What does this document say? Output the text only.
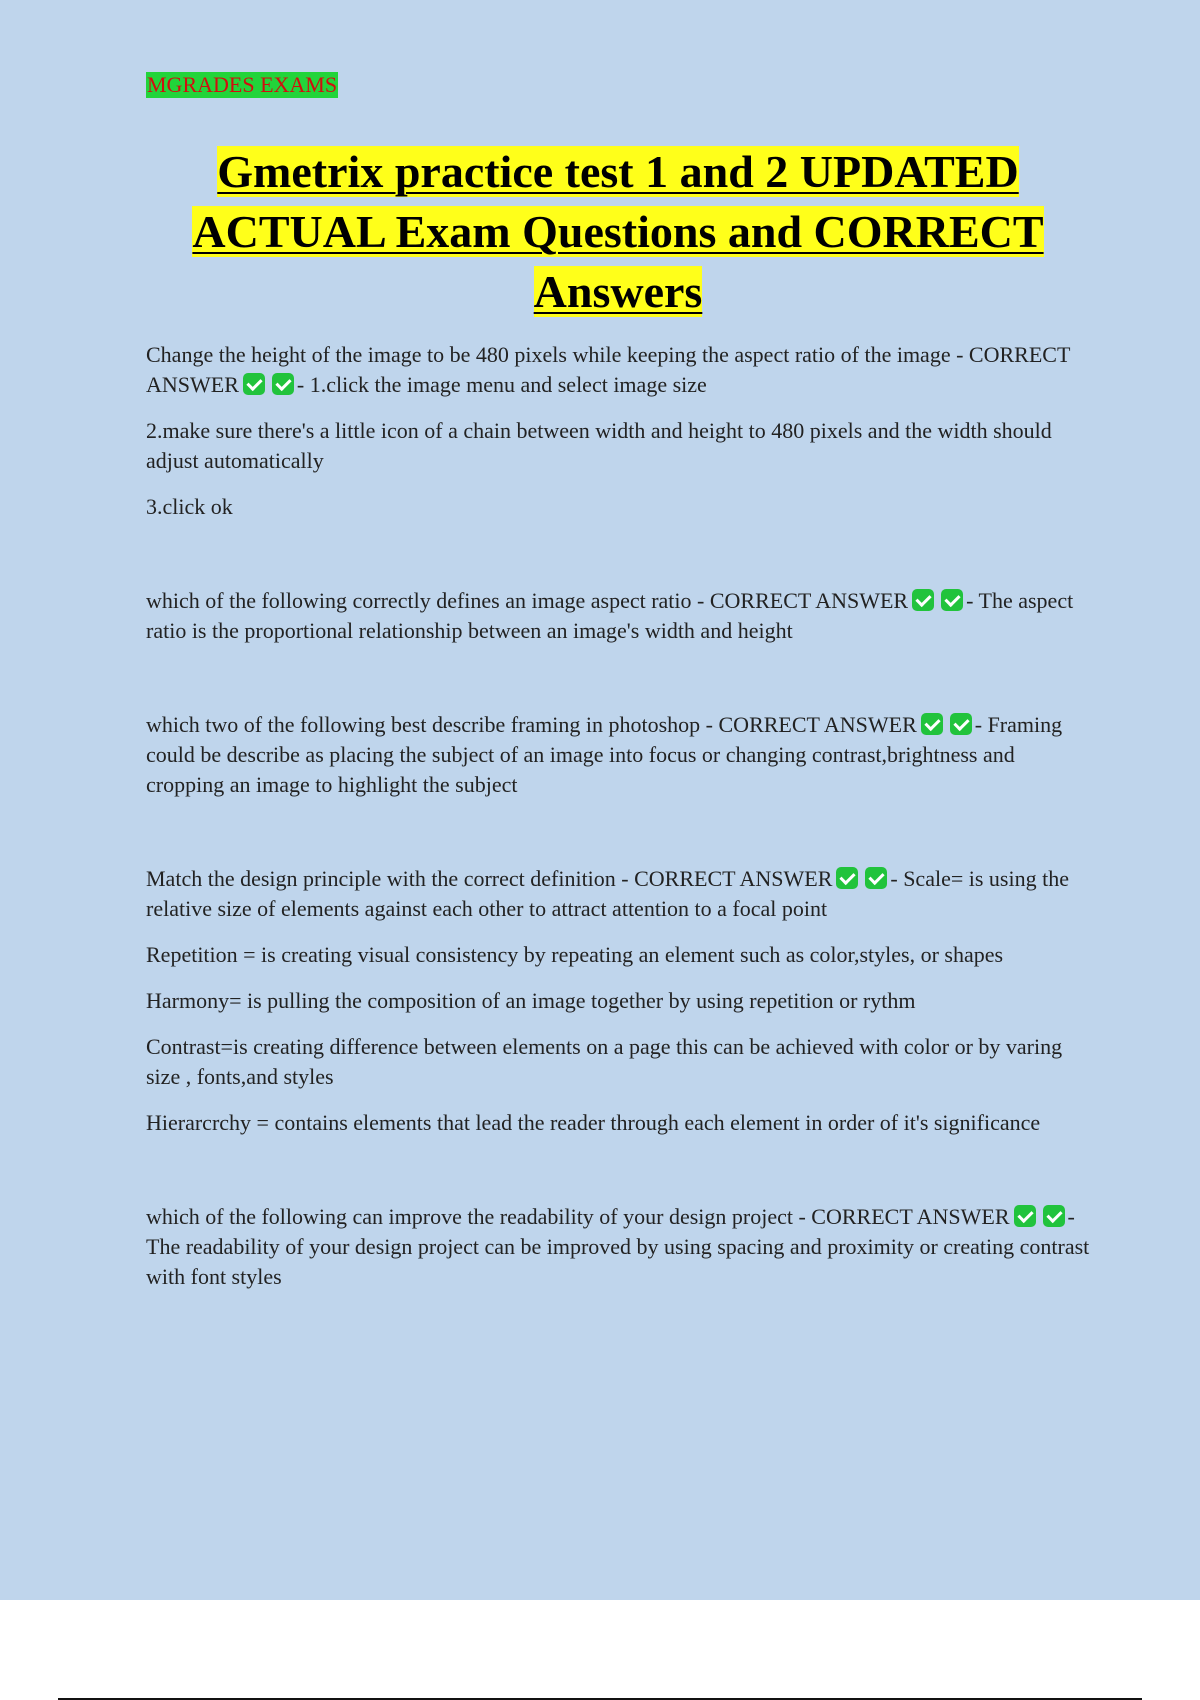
MGRADES EXAMS
Gmetrix practice test 1 and 2 UPDATED
ACTUAL Exam Questions and CORRECT
Answers

Change the height of the image to be 480 pixels while keeping the aspect ratio of the image - CORRECT ANSWER	- 1.click the image menu and select image size

2.make sure there's a little icon of a chain between width and height to 480 pixels and the width should adjust automatically

3.click ok

which of the following correctly defines an image aspect ratio - CORRECT ANSWER	- The aspect ratio is the proportional relationship between an image's width and height

which two of the following best describe framing in photoshop - CORRECT ANSWER	- Framing could be describe as placing the subject of an image into focus or changing contrast,brightness and cropping an image to highlight the subject

Match the design principle with the correct definition - CORRECT ANSWER	- Scale= is using the relative size of elements against each other to attract attention to a focal point

Repetition = is creating visual consistency by repeating an element such as color,styles, or shapes

Harmony= is pulling the composition of an image together by using repetition or rythm

Contrast=is creating difference between elements on a page this can be achieved with color or by varing size , fonts,and styles

Hierarcrchy = contains elements that lead the reader through each element in order of it's significance

which of the following can improve the readability of your design project - CORRECT ANSWER	- The readability of your design project can be improved by using spacing and proximity or creating contrast with font styles
